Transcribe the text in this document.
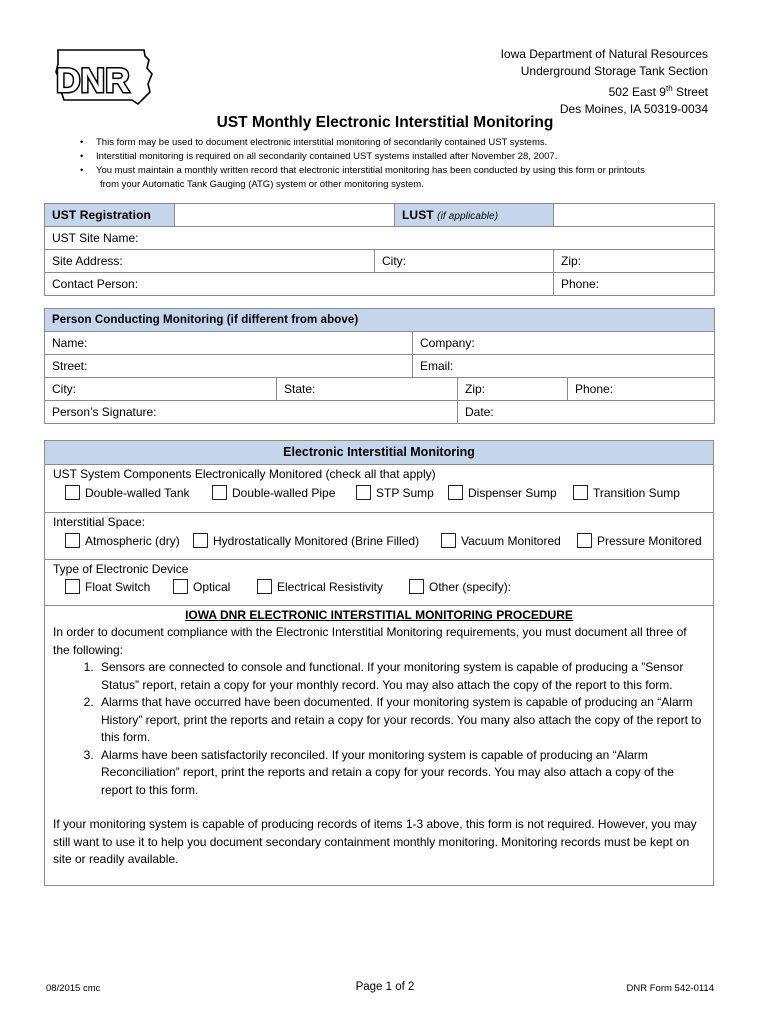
DNR
Iowa Department of Natural Resources
Underground Storage Tank Section
502 East 9th Street
Des Moines, IA 50319-0034
UST Monthly Electronic Interstitial Monitoring
• This form may be used to document electronic interstitial monitoring of secondarily contained UST systems.
• Interstitial monitoring is required on all secondarily contained UST systems installed after November 28, 2007.
• You must maintain a monthly written record that electronic interstitial monitoring has been conducted by using this form or printouts
from your Automatic Tank Gauging (ATG) system or other monitoring system.
UST Registration			LUST (if applicable)	
UST Site Name:				
Site Address:		City:		Zip:
Contact Person:				Phone:
Person Conducting Monitoring (if different from above)				
Name:		Company:		
Street:		Email:		
City:	State:		Zip:	Phone:
Person’s Signature:			Date:	
Electronic Interstitial Monitoring
UST System Components Electronically Monitored (check all that apply)
Double-walled Tank	Double-walled Pipe	STP Sump	Dispenser Sump	Transition Sump
Interstitial Space:
Atmospheric (dry)	Hydrostatically Monitored (Brine Filled)	Vacuum Monitored	Pressure Monitored
Type of Electronic Device
Float Switch	Optical	Electrical Resistivity	Other (specify):
IOWA DNR ELECTRONIC INTERSTITIAL MONITORING PROCEDURE

In order to document compliance with the Electronic Interstitial Monitoring requirements, you must document all three of the following:

1. Sensors are connected to console and functional. If your monitoring system is capable of producing a ”Sensor Status” report, retain a copy for your monthly record. You may also attach the copy of the report to this form.
2. Alarms that have occurred have been documented. If your monitoring system is capable of producing an “Alarm History” report, print the reports and retain a copy for your records. You many also attach the copy of the report to this form.
3. Alarms have been satisfactorily reconciled. If your monitoring system is capable of producing an “Alarm Reconciliation” report, print the reports and retain a copy for your records. You may also attach a copy of the report to this form.

If your monitoring system is capable of producing records of items 1-3 above, this form is not required. However, you may still want to use it to help you document secondary containment monthly monitoring. Monitoring records must be kept on site or readily available.

08/2015 cmc	Page 1 of 2	DNR Form 542-0114
